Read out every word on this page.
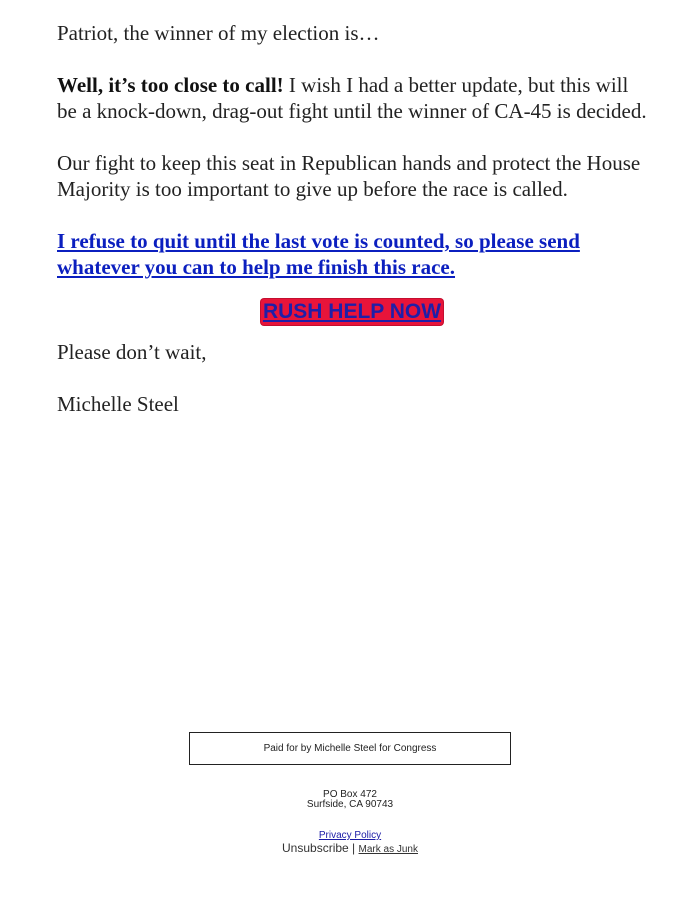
Patriot, the winner of my election is…

Well, it’s too close to call! I wish I had a better update, but this will be a knock-down, drag-out fight until the winner of CA-45 is decided.

Our fight to keep this seat in Republican hands and protect the House Majority is too important to give up before the race is called.

I refuse to quit until the last vote is counted, so please send whatever you can to help me finish this race.

RUSH HELP NOW

Please don’t wait,

Michelle Steel

Paid for by Michelle Steel for Congress
PO Box 472
Surfside, CA 90743
Privacy Policy
Unsubscribe | Mark as Junk
